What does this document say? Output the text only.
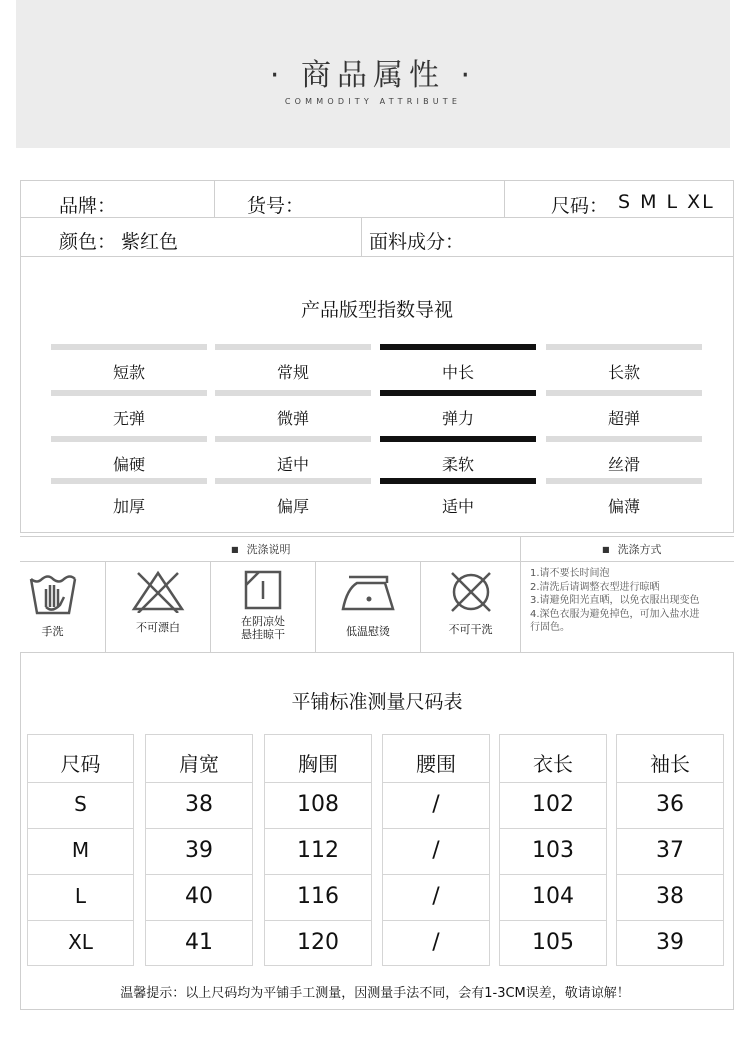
· 商品属性 ·
COMMODITY ATTRIBUTE
品牌：	货号：	尺码： S M L XL
颜色： 紫红色	面料成分：
产品版型指数导视
短款	常规	中长	长款
无弹	微弹	弹力	超弹
偏硬	适中	柔软	丝滑
加厚	偏厚	适中	偏薄
■ 洗涤说明
■	洗涤方式
手洗	不可漂白	在阴凉处
悬挂晾干	低温慰烫	不可干洗
1.请不要长时间泡
2.清洗后请调整衣型进行晾晒
3.请避免阳光直晒，以免衣服出现变色
4.深色衣服为避免掉色，可加入盐水进
行固色。
平铺标准测量尺码表
尺码
S
M
L
XL
肩宽
38
39
40
41
胸围
108
112
116
120
腰围
/
/
/
/
衣长
102
103
104
105
袖长
36
37
38
39
温馨提示：以上尺码均为平铺手工测量，因测量手法不同，会有1-3CM误差，敬请谅解！
